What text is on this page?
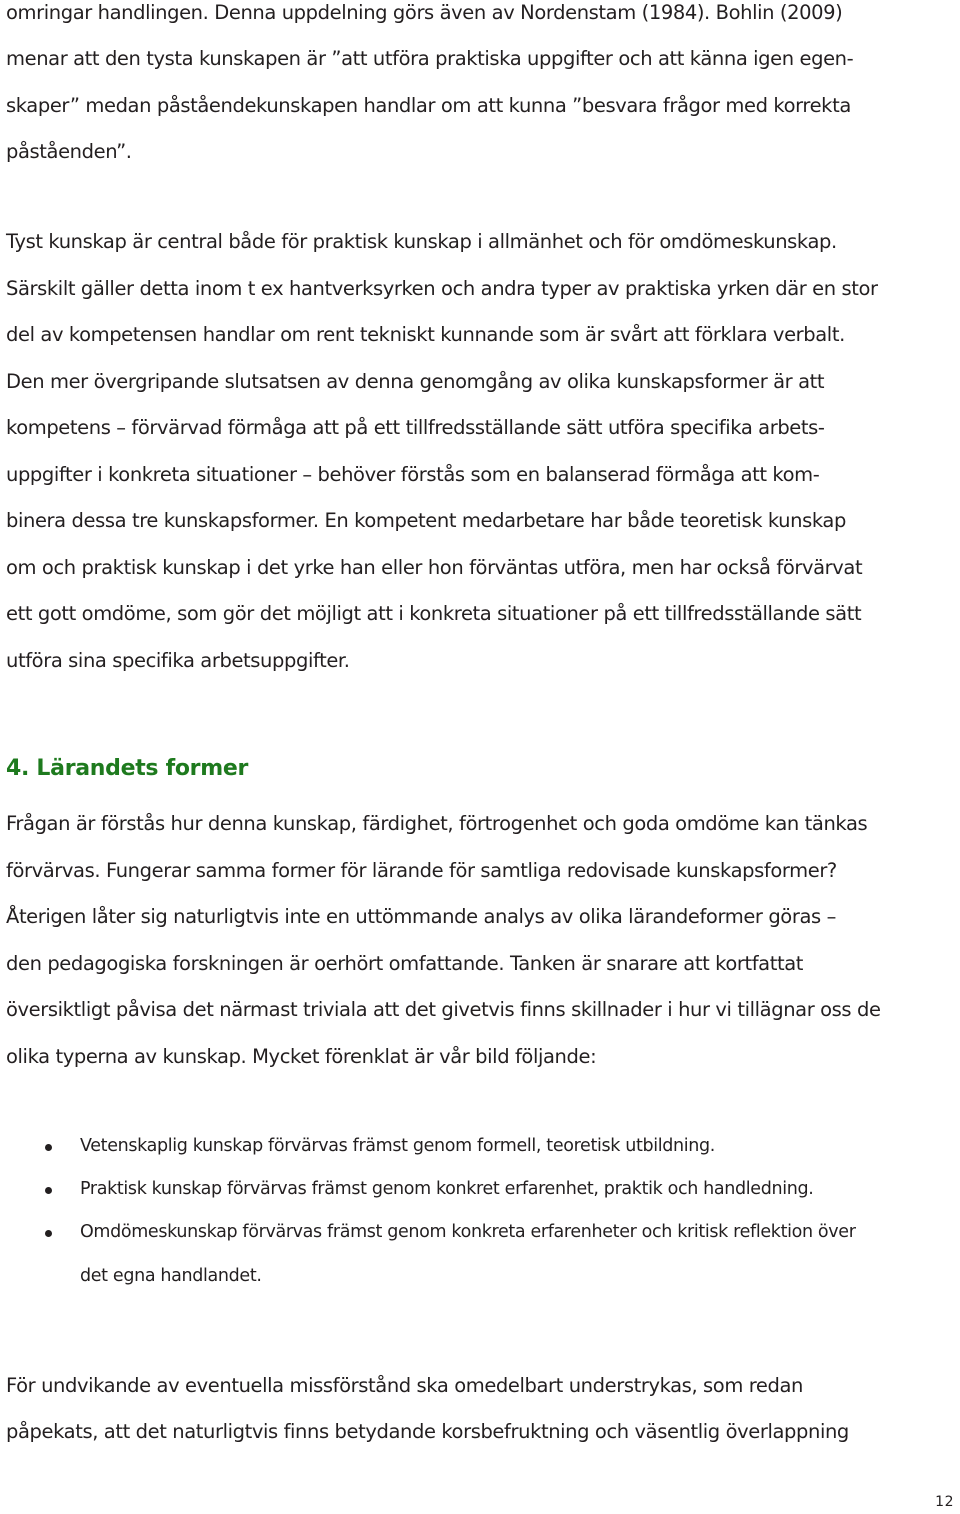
omringar handlingen. Denna uppdelning görs även av Nordenstam (1984). Bohlin (2009)
menar att den tysta kunskapen är ”att utföra praktiska uppgifter och att känna igen egen-
skaper” medan påståendekunskapen handlar om att kunna ”besvara frågor med korrekta
påståenden”.
Tyst kunskap är central både för praktisk kunskap i allmänhet och för omdömeskunskap.
Särskilt gäller detta inom t ex hantverksyrken och andra typer av praktiska yrken där en stor
del av kompetensen handlar om rent tekniskt kunnande som är svårt att förklara verbalt.
Den mer övergripande slutsatsen av denna genomgång av olika kunskapsformer är att
kompetens – förvärvad förmåga att på ett tillfredsställande sätt utföra specifika arbets-
uppgifter i konkreta situationer – behöver förstås som en balanserad förmåga att kom-
binera dessa tre kunskapsformer. En kompetent medarbetare har både teoretisk kunskap
om och praktisk kunskap i det yrke han eller hon förväntas utföra, men har också förvärvat
ett gott omdöme, som gör det möjligt att i konkreta situationer på ett tillfredsställande sätt
utföra sina specifika arbetsuppgifter.
4. Lärandets former
Frågan är förstås hur denna kunskap, färdighet, förtrogenhet och goda omdöme kan tänkas
förvärvas. Fungerar samma former för lärande för samtliga redovisade kunskapsformer?
Återigen låter sig naturligtvis inte en uttömmande analys av olika lärandeformer göras –
den pedagogiska forskningen är oerhört omfattande. Tanken är snarare att kortfattat
översiktligt påvisa det närmast triviala att det givetvis finns skillnader i hur vi tillägnar oss de
olika typerna av kunskap. Mycket förenklat är vår bild följande:
Vetenskaplig kunskap förvärvas främst genom formell, teoretisk utbildning.
Praktisk kunskap förvärvas främst genom konkret erfarenhet, praktik och handledning.
Omdömeskunskap förvärvas främst genom konkreta erfarenheter och kritisk reflektion över
det egna handlandet.
För undvikande av eventuella missförstånd ska omedelbart understrykas, som redan
påpekats, att det naturligtvis finns betydande korsbefruktning och väsentlig överlappning
12
